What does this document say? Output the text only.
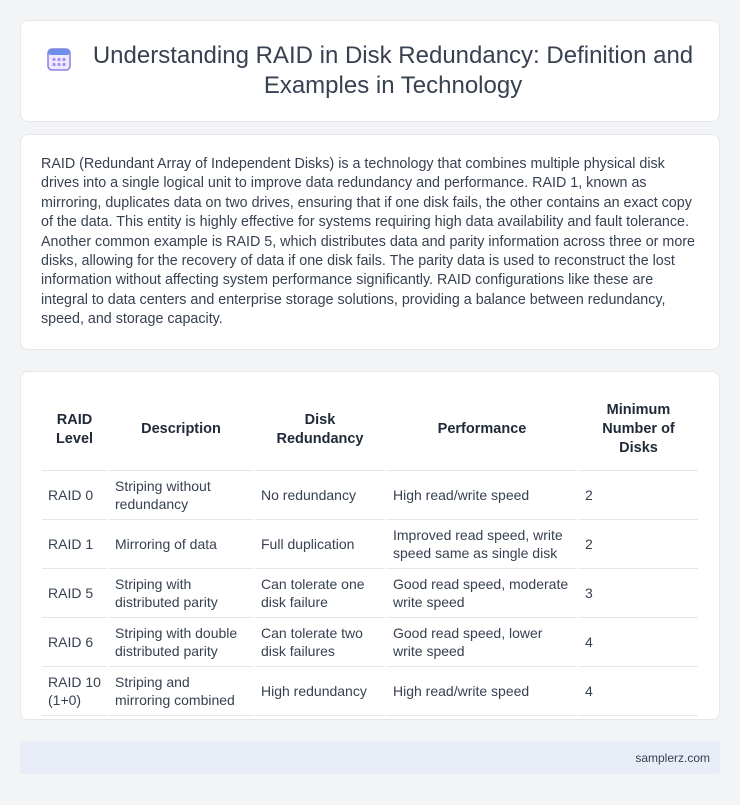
Understanding RAID in Disk Redundancy: Definition and Examples in Technology

RAID (Redundant Array of Independent Disks) is a technology that combines multiple physical disk drives into a single logical unit to improve data redundancy and performance. RAID 1, known as mirroring, duplicates data on two drives, ensuring that if one disk fails, the other contains an exact copy of the data. This entity is highly effective for systems requiring high data availability and fault tolerance. Another common example is RAID 5, which distributes data and parity information across three or more disks, allowing for the recovery of data if one disk fails. The parity data is used to reconstruct the lost information without affecting system performance significantly. RAID configurations like these are integral to data centers and enterprise storage solutions, providing a balance between redundancy, speed, and storage capacity.

RAID Level	Description	Disk Redundancy	Performance	Minimum Number of Disks
RAID 0	Striping without redundancy	No redundancy	High read/write speed	2
RAID 1	Mirroring of data	Full duplication	Improved read speed, write speed same as single disk	2
RAID 5	Striping with distributed parity	Can tolerate one disk failure	Good read speed, moderate write speed	3
RAID 6	Striping with double distributed parity	Can tolerate two disk failures	Good read speed, lower write speed	4
RAID 10 (1+0)	Striping and mirroring combined	High redundancy	High read/write speed	4
samplerz.com
